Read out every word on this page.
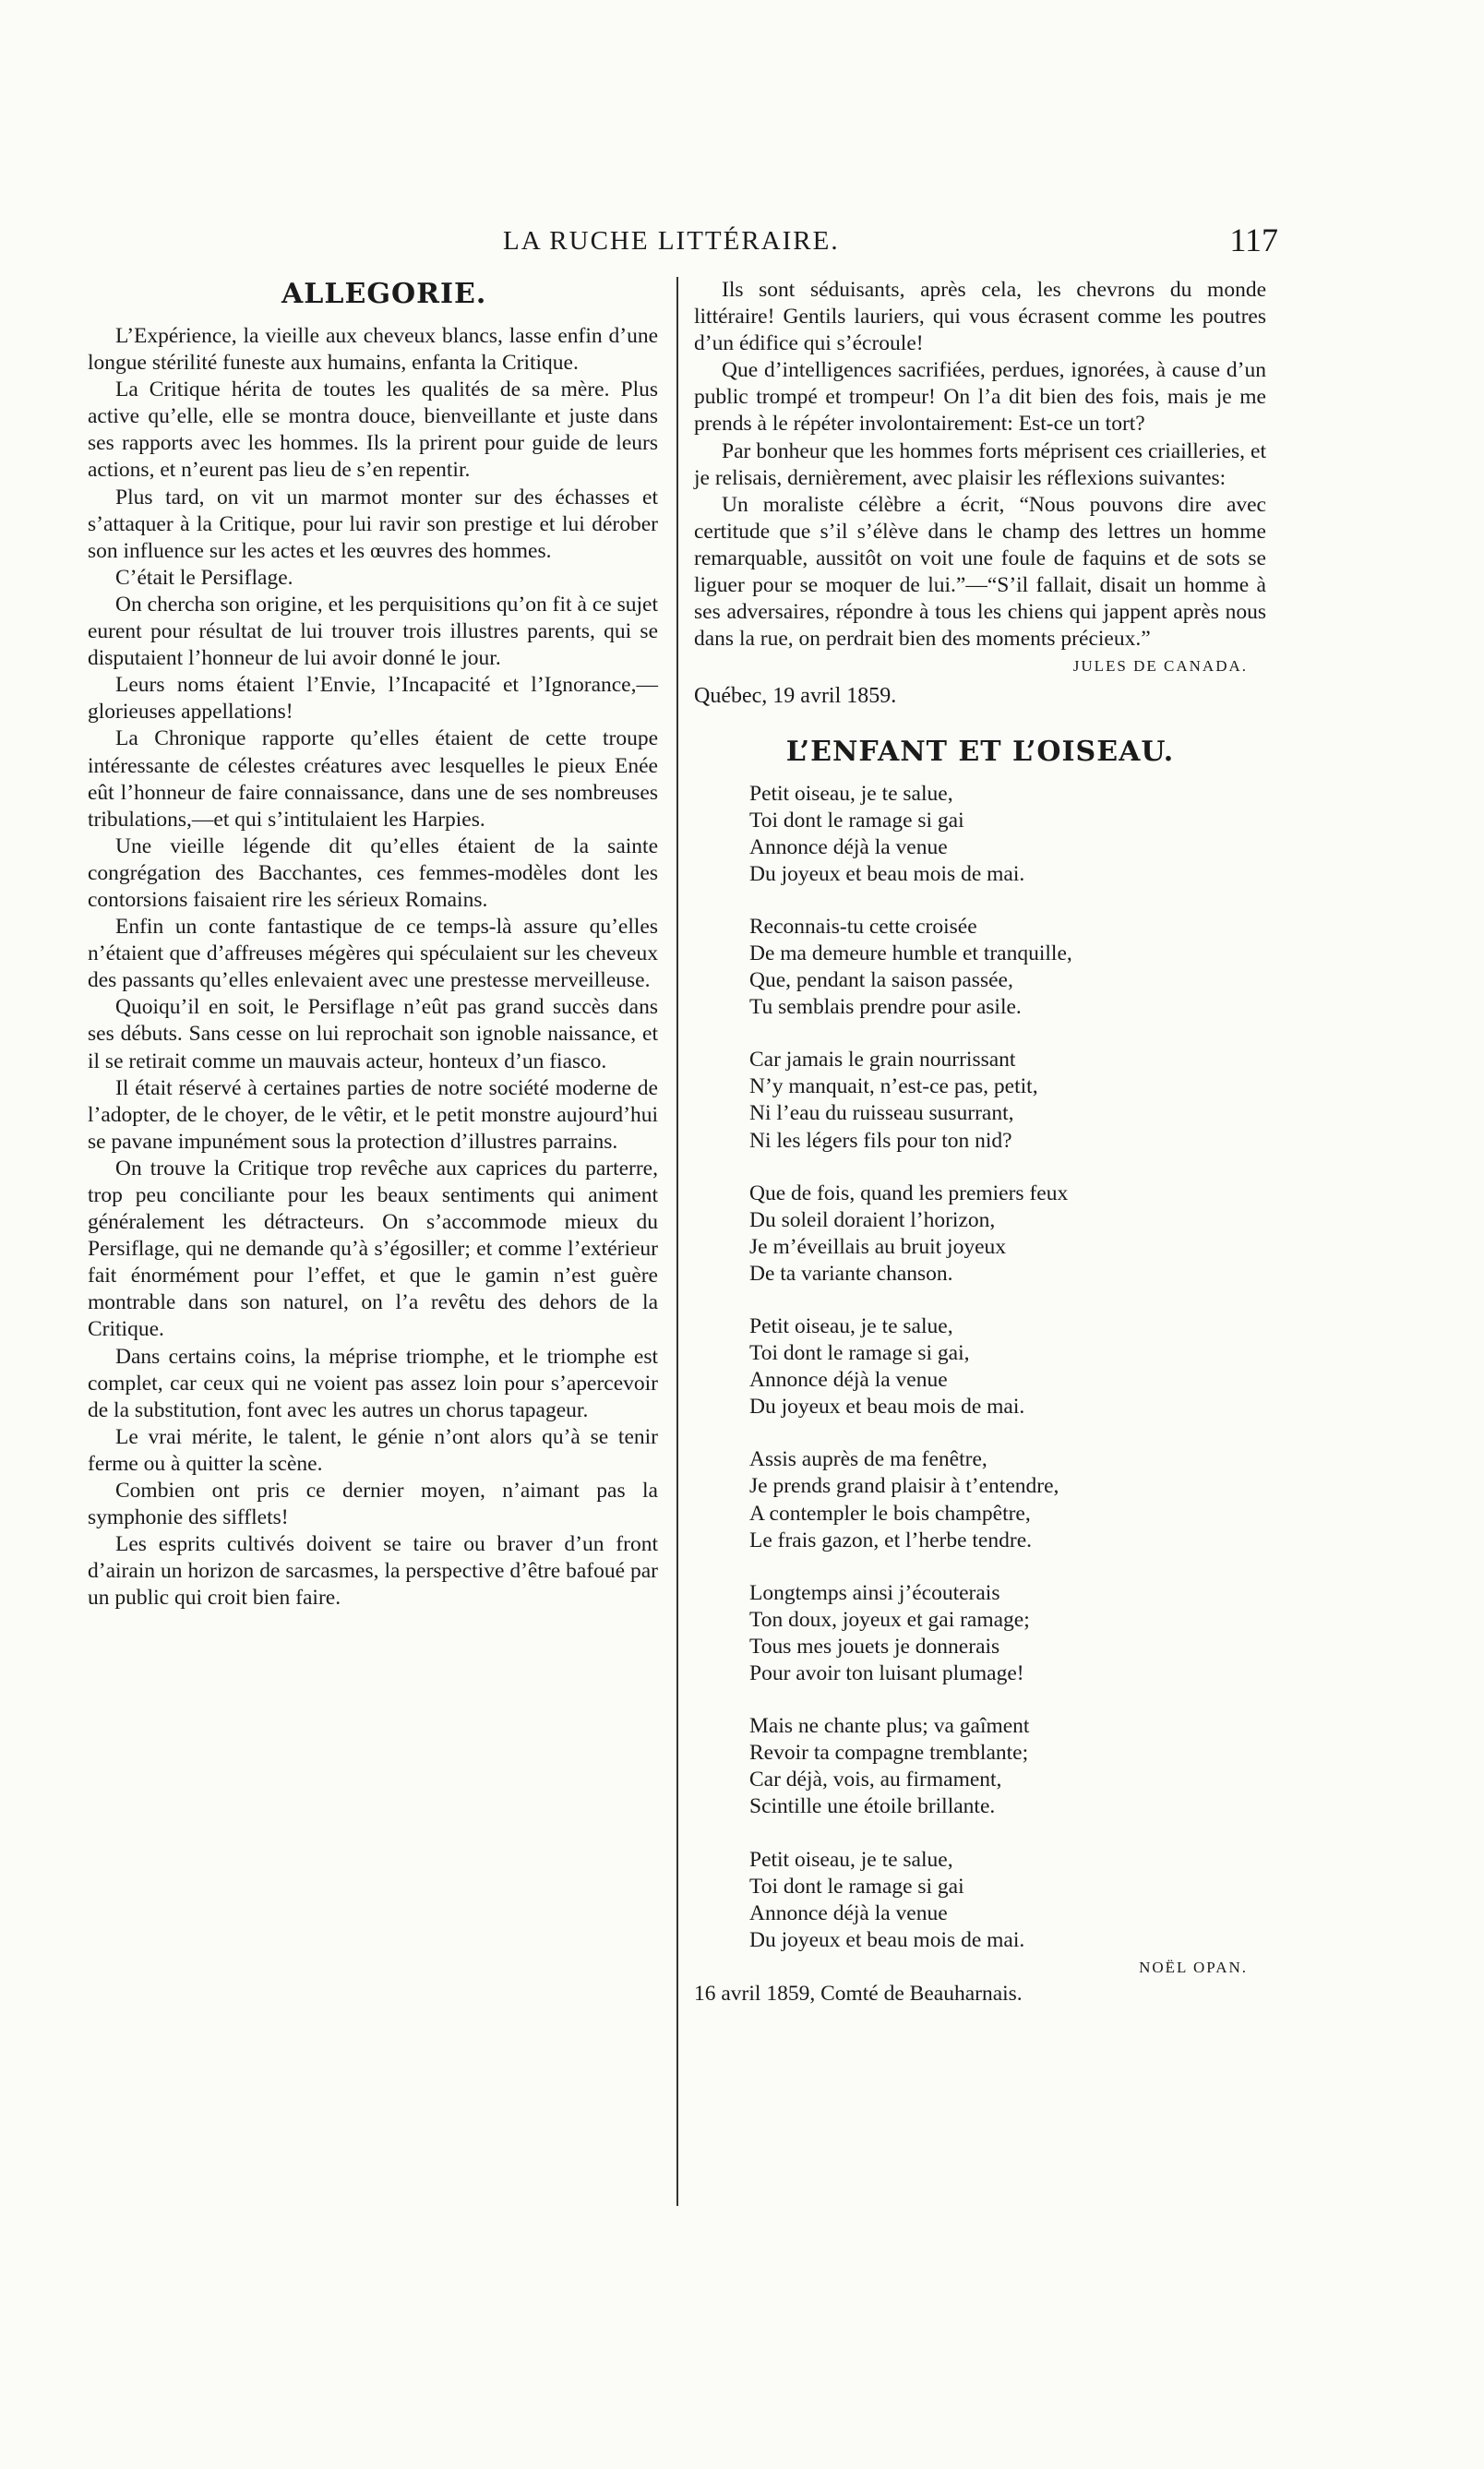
LA RUCHE LITTÉRAIRE.	117
ALLEGORIE.

L’Expérience, la vieille aux cheveux blancs, lasse enfin d’une longue stérilité funeste aux humains, enfanta la Critique.

La Critique hérita de toutes les qualités de sa mère. Plus active qu’elle, elle se montra douce, bienveillante et juste dans ses rapports avec les hommes. Ils la prirent pour guide de leurs actions, et n’eurent pas lieu de s’en repentir.

Plus tard, on vit un marmot monter sur des échasses et s’attaquer à la Critique, pour lui ravir son prestige et lui dérober son influence sur les actes et les œuvres des hommes.

C’était le Persiflage.

On chercha son origine, et les perquisitions qu’on fit à ce sujet eurent pour résultat de lui trouver trois illustres parents, qui se disputaient l’honneur de lui avoir donné le jour.

Leurs noms étaient l’Envie, l’Incapacité et l’Ignorance,—glorieuses appellations!

La Chronique rapporte qu’elles étaient de cette troupe intéressante de célestes créatures avec lesquelles le pieux Enée eût l’honneur de faire connaissance, dans une de ses nombreuses tribulations,—et qui s’intitulaient les Harpies.

Une vieille légende dit qu’elles étaient de la sainte congrégation des Bacchantes, ces femmes-modèles dont les contorsions faisaient rire les sérieux Romains.

Enfin un conte fantastique de ce temps-là assure qu’elles n’étaient que d’affreuses mégères qui spéculaient sur les cheveux des passants qu’elles enlevaient avec une prestesse merveilleuse.

Quoiqu’il en soit, le Persiflage n’eût pas grand succès dans ses débuts. Sans cesse on lui reprochait son ignoble naissance, et il se retirait comme un mauvais acteur, honteux d’un fiasco.

Il était réservé à certaines parties de notre société moderne de l’adopter, de le choyer, de le vêtir, et le petit monstre aujourd’hui se pavane impunément sous la protection d’illustres parrains.

On trouve la Critique trop revêche aux caprices du parterre, trop peu conciliante pour les beaux sentiments qui animent généralement les détracteurs. On s’accommode mieux du Persiflage, qui ne demande qu’à s’égosiller; et comme l’extérieur fait énormément pour l’effet, et que le gamin n’est guère montrable dans son naturel, on l’a revêtu des dehors de la Critique.

Dans certains coins, la méprise triomphe, et le triomphe est complet, car ceux qui ne voient pas assez loin pour s’apercevoir de la substitution, font avec les autres un chorus tapageur.

Le vrai mérite, le talent, le génie n’ont alors qu’à se tenir ferme ou à quitter la scène.

Combien ont pris ce dernier moyen, n’aimant pas la symphonie des sifflets!

Les esprits cultivés doivent se taire ou braver d’un front d’airain un horizon de sarcasmes, la perspective d’être bafoué par un public qui croit bien faire.

Ils sont séduisants, après cela, les chevrons du monde littéraire! Gentils lauriers, qui vous écrasent comme les poutres d’un édifice qui s’écroule!

Que d’intelligences sacrifiées, perdues, ignorées, à cause d’un public trompé et trompeur! On l’a dit bien des fois, mais je me prends à le répéter involontairement: Est-ce un tort?

Par bonheur que les hommes forts méprisent ces criailleries, et je relisais, dernièrement, avec plaisir les réflexions suivantes:

Un moraliste célèbre a écrit, “Nous pouvons dire avec certitude que s’il s’élève dans le champ des lettres un homme remarquable, aussitôt on voit une foule de faquins et de sots se liguer pour se moquer de lui.”—“S’il fallait, disait un homme à ses adversaires, répondre à tous les chiens qui jappent après nous dans la rue, on perdrait bien des moments précieux.”

JULES DE CANADA.

Québec, 19 avril 1859.

L’ENFANT ET L’OISEAU.
Petit oiseau, je te salue,
Toi dont le ramage si gai
Annonce déjà la venue
Du joyeux et beau mois de mai.
Reconnais-tu cette croisée
De ma demeure humble et tranquille,
Que, pendant la saison passée,
Tu semblais prendre pour asile.
Car jamais le grain nourrissant
N’y manquait, n’est-ce pas, petit,
Ni l’eau du ruisseau susurrant,
Ni les légers fils pour ton nid?
Que de fois, quand les premiers feux
Du soleil doraient l’horizon,
Je m’éveillais au bruit joyeux
De ta variante chanson.
Petit oiseau, je te salue,
Toi dont le ramage si gai,
Annonce déjà la venue
Du joyeux et beau mois de mai.
Assis auprès de ma fenêtre,
Je prends grand plaisir à t’entendre,
A contempler le bois champêtre,
Le frais gazon, et l’herbe tendre.
Longtemps ainsi j’écouterais
Ton doux, joyeux et gai ramage;
Tous mes jouets je donnerais
Pour avoir ton luisant plumage!
Mais ne chante plus; va gaîment
Revoir ta compagne tremblante;
Car déjà, vois, au firmament,
Scintille une étoile brillante.
Petit oiseau, je te salue,
Toi dont le ramage si gai
Annonce déjà la venue
Du joyeux et beau mois de mai.

NOËL OPAN.

16 avril 1859, Comté de Beauharnais.
